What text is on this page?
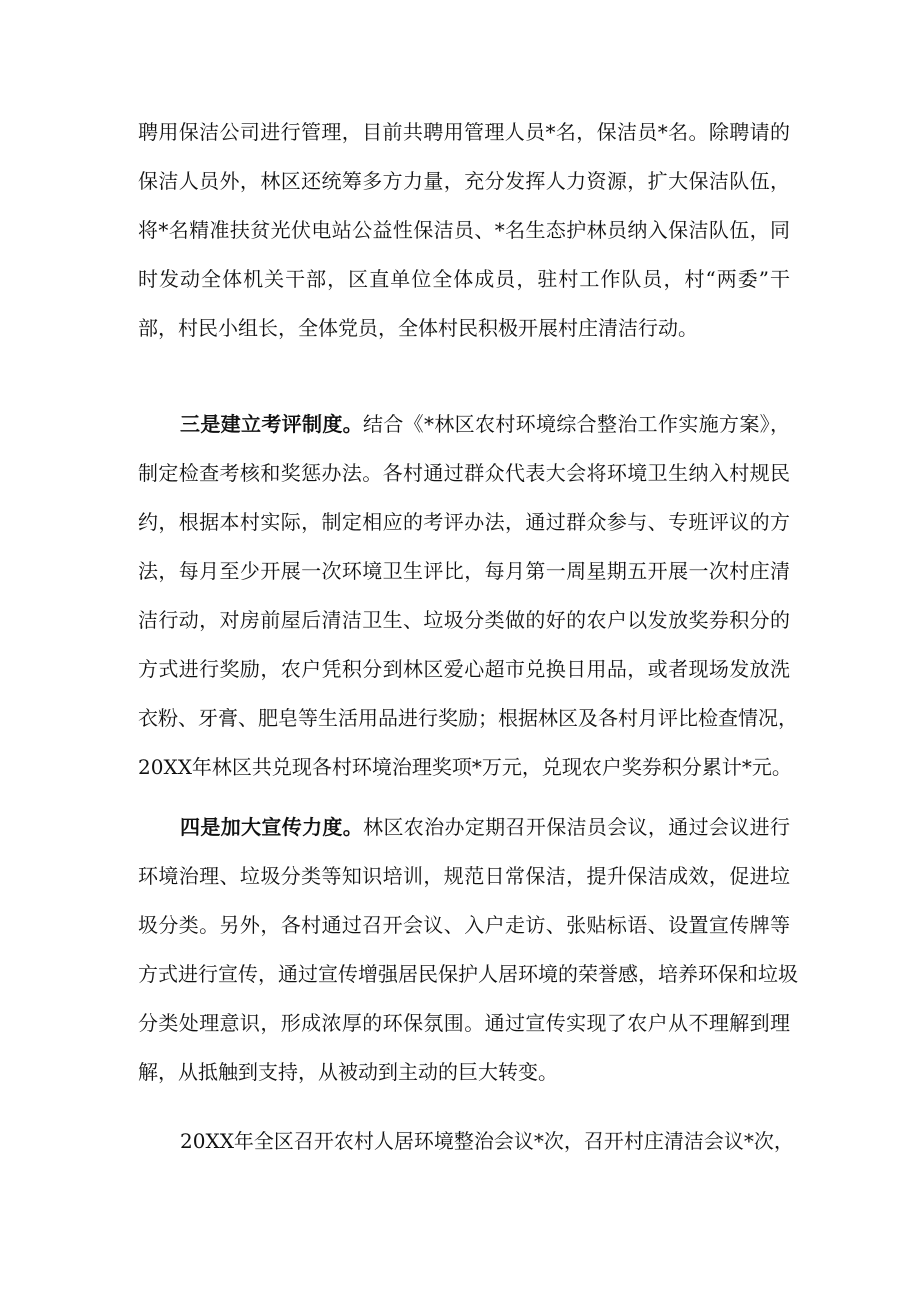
聘用保洁公司进行管理，目前共聘用管理人员*名，保洁员*名。除聘请的
保洁人员外，林区还统筹多方力量，充分发挥人力资源，扩大保洁队伍，
将*名精准扶贫光伏电站公益性保洁员、*名生态护林员纳入保洁队伍，同
时发动全体机关干部，区直单位全体成员，驻村工作队员，村“两委”干
部，村民小组长，全体党员，全体村民积极开展村庄清洁行动。
三是建立考评制度。结合《*林区农村环境综合整治工作实施方案》，
制定检查考核和奖惩办法。各村通过群众代表大会将环境卫生纳入村规民
约，根据本村实际，制定相应的考评办法，通过群众参与、专班评议的方
法，每月至少开展一次环境卫生评比，每月第一周星期五开展一次村庄清
洁行动，对房前屋后清洁卫生、垃圾分类做的好的农户以发放奖券积分的
方式进行奖励，农户凭积分到林区爱心超市兑换日用品，或者现场发放洗
衣粉、牙膏、肥皂等生活用品进行奖励；根据林区及各村月评比检查情况，
20XX年林区共兑现各村环境治理奖项*万元，兑现农户奖券积分累计*元。
四是加大宣传力度。林区农治办定期召开保洁员会议，通过会议进行
环境治理、垃圾分类等知识培训，规范日常保洁，提升保洁成效，促进垃
圾分类。另外，各村通过召开会议、入户走访、张贴标语、设置宣传牌等
方式进行宣传，通过宣传增强居民保护人居环境的荣誉感，培养环保和垃圾
分类处理意识，形成浓厚的环保氛围。通过宣传实现了农户从不理解到理
解，从抵触到支持，从被动到主动的巨大转变。
20XX年全区召开农村人居环境整治会议*次，召开村庄清洁会议*次，
